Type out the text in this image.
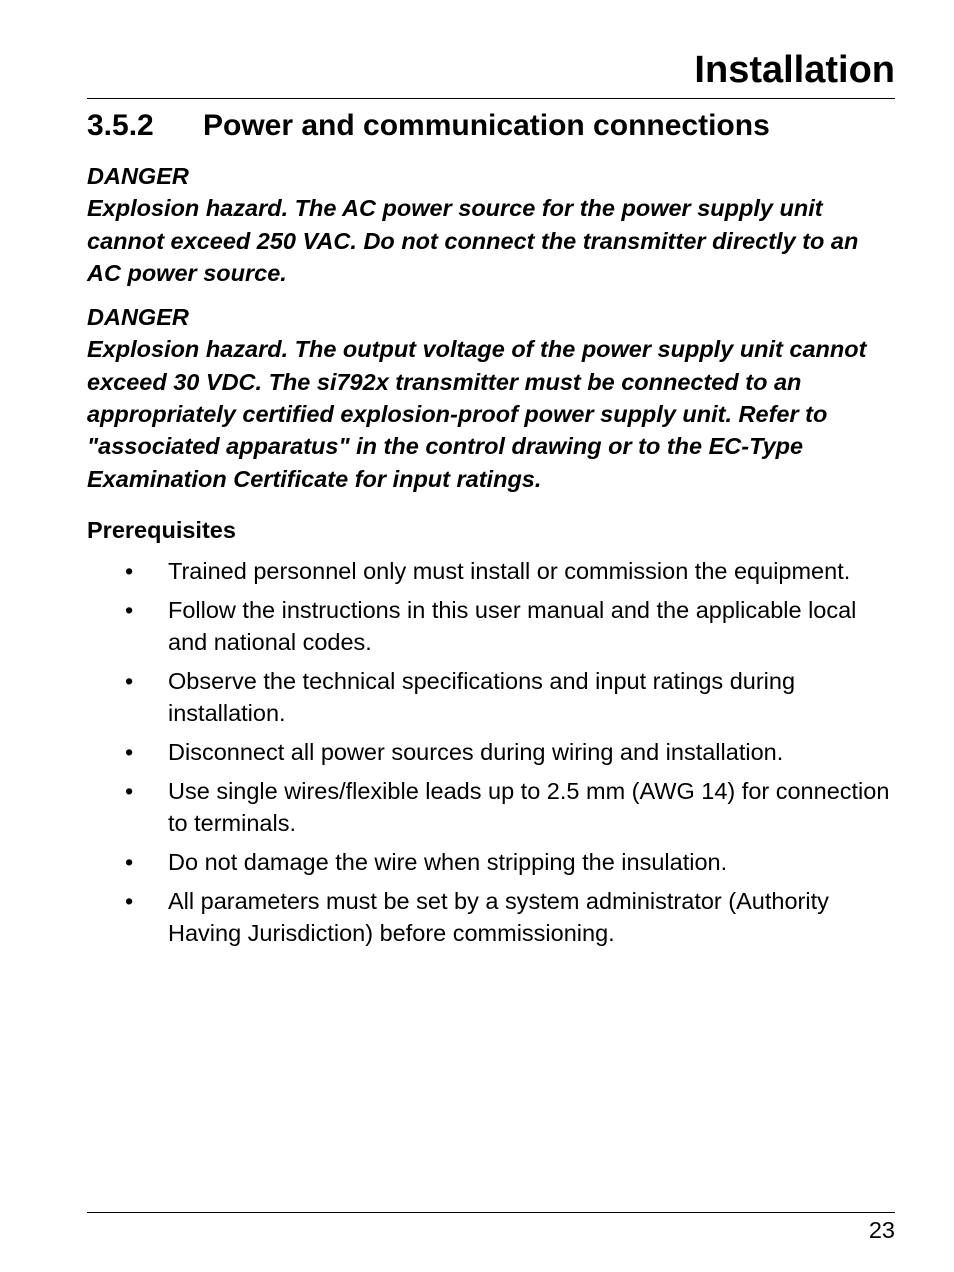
Installation
3.5.2	Power and communication connections

DANGER

Explosion hazard. The AC power source for the power supply unit cannot exceed 250 VAC. Do not connect the transmitter directly to an AC power source.

DANGER

Explosion hazard. The output voltage of the power supply unit cannot exceed 30 VDC. The si792x transmitter must be connected to an appropriately certified explosion-proof power supply unit. Refer to "associated apparatus" in the control drawing or to the EC-Type Examination Certificate for input ratings.

Prerequisites
• Trained personnel only must install or commission the equipment.
• Follow the instructions in this user manual and the applicable local and national codes.
• Observe the technical specifications and input ratings during installation.
• Disconnect all power sources during wiring and installation.
• Use single wires/flexible leads up to 2.5 mm (AWG 14) for connection to terminals.
• Do not damage the wire when stripping the insulation.
• All parameters must be set by a system administrator (Authority Having Jurisdiction) before commissioning.
23
